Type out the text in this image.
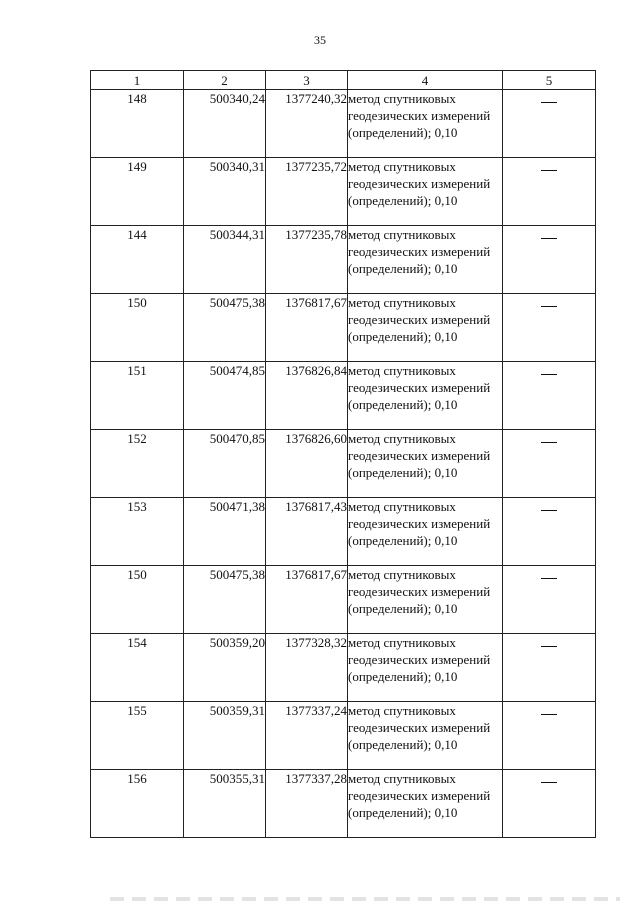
35
1	2	3	4	5
148	500340,24	1377240,32	метод спутниковых геодезических измерений (определений); 0,10	
149	500340,31	1377235,72	метод спутниковых геодезических измерений (определений); 0,10	
144	500344,31	1377235,78	метод спутниковых геодезических измерений (определений); 0,10	
150	500475,38	1376817,67	метод спутниковых геодезических измерений (определений); 0,10	
151	500474,85	1376826,84	метод спутниковых геодезических измерений (определений); 0,10	
152	500470,85	1376826,60	метод спутниковых геодезических измерений (определений); 0,10	
153	500471,38	1376817,43	метод спутниковых геодезических измерений (определений); 0,10	
150	500475,38	1376817,67	метод спутниковых геодезических измерений (определений); 0,10	
154	500359,20	1377328,32	метод спутниковых геодезических измерений (определений); 0,10	
155	500359,31	1377337,24	метод спутниковых геодезических измерений (определений); 0,10	
156	500355,31	1377337,28	метод спутниковых геодезических измерений (определений); 0,10	
